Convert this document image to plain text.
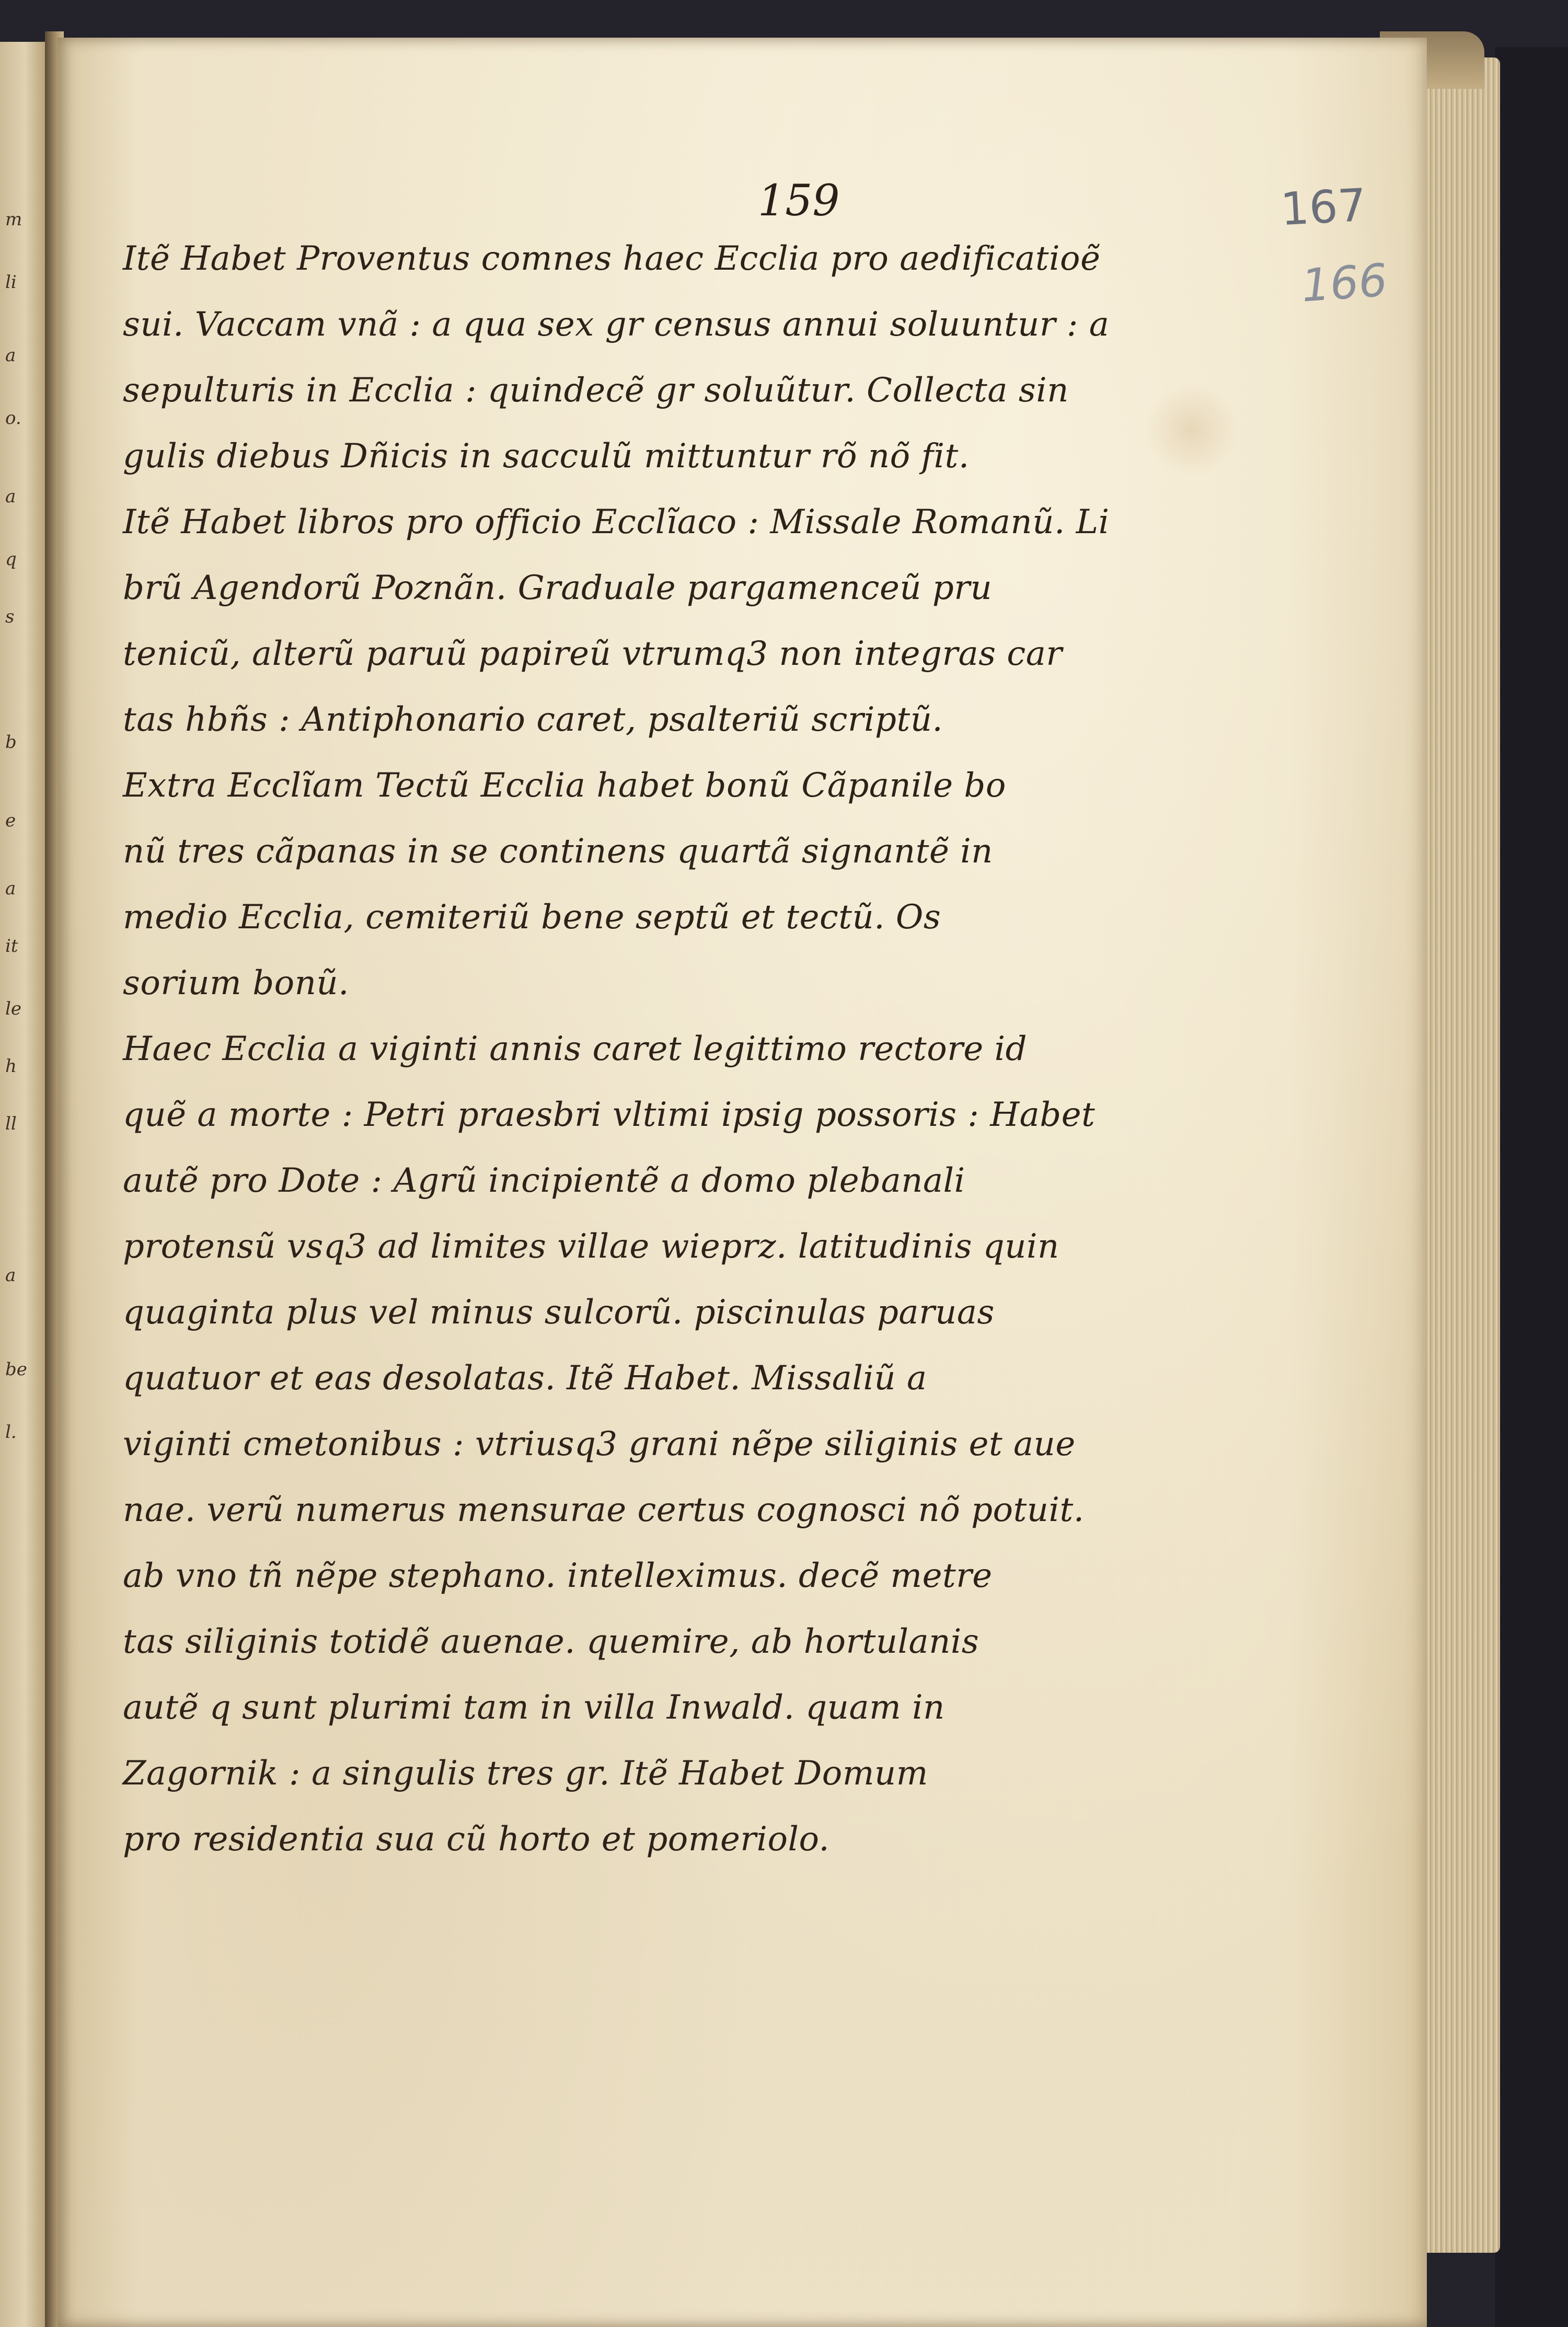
m
li
a
o.
a
q
s
b
e
a
it
le
h
ll
a
be
l.
159	167
166
Itẽ Habet Proventus comnes haec Ecclia pro aedificatioẽ
sui. Vaccam vnã : a qua sex gr census annui soluuntur : a
sepulturis in Ecclia : quindecẽ gr soluũtur. Collecta sin
gulis diebus Dñicis in sacculũ mittuntur rõ nõ fit.
Itẽ Habet libros pro officio Ecclĩaco : Missale Romanũ. Li
brũ Agendorũ Poznãn. Graduale pargamenceũ pru
tenicũ, alterũ paruũ papireũ vtrumq3 non integras car
tas hbñs : Antiphonario caret, psalteriũ scriptũ.
Extra Ecclĩam Tectũ Ecclia habet bonũ Cãpanile bo
nũ tres cãpanas in se continens quartã signantẽ in
medio Ecclia, cemiteriũ bene septũ et tectũ. Os
sorium bonũ.
Haec Ecclia a viginti annis caret legittimo rectore id
quẽ a morte : Petri praesbri vltimi ipsig possoris : Habet
autẽ pro Dote : Agrũ incipientẽ a domo plebanali
protensũ vsq3 ad limites villae wieprz. latitudinis quin
quaginta plus vel minus sulcorũ. piscinulas paruas
quatuor et eas desolatas. Itẽ Habet. Missaliũ a
viginti cmetonibus : vtriusq3 grani nẽpe siliginis et aue
nae. verũ numerus mensurae certus cognosci nõ potuit.
ab vno tñ nẽpe stephano. intelleximus. decẽ metre
tas siliginis totidẽ auenae. quemire, ab hortulanis
autẽ q sunt plurimi tam in villa Inwald. quam in
Zagornik : a singulis tres gr. Itẽ Habet Domum
pro residentia sua cũ horto et pomeriolo.
